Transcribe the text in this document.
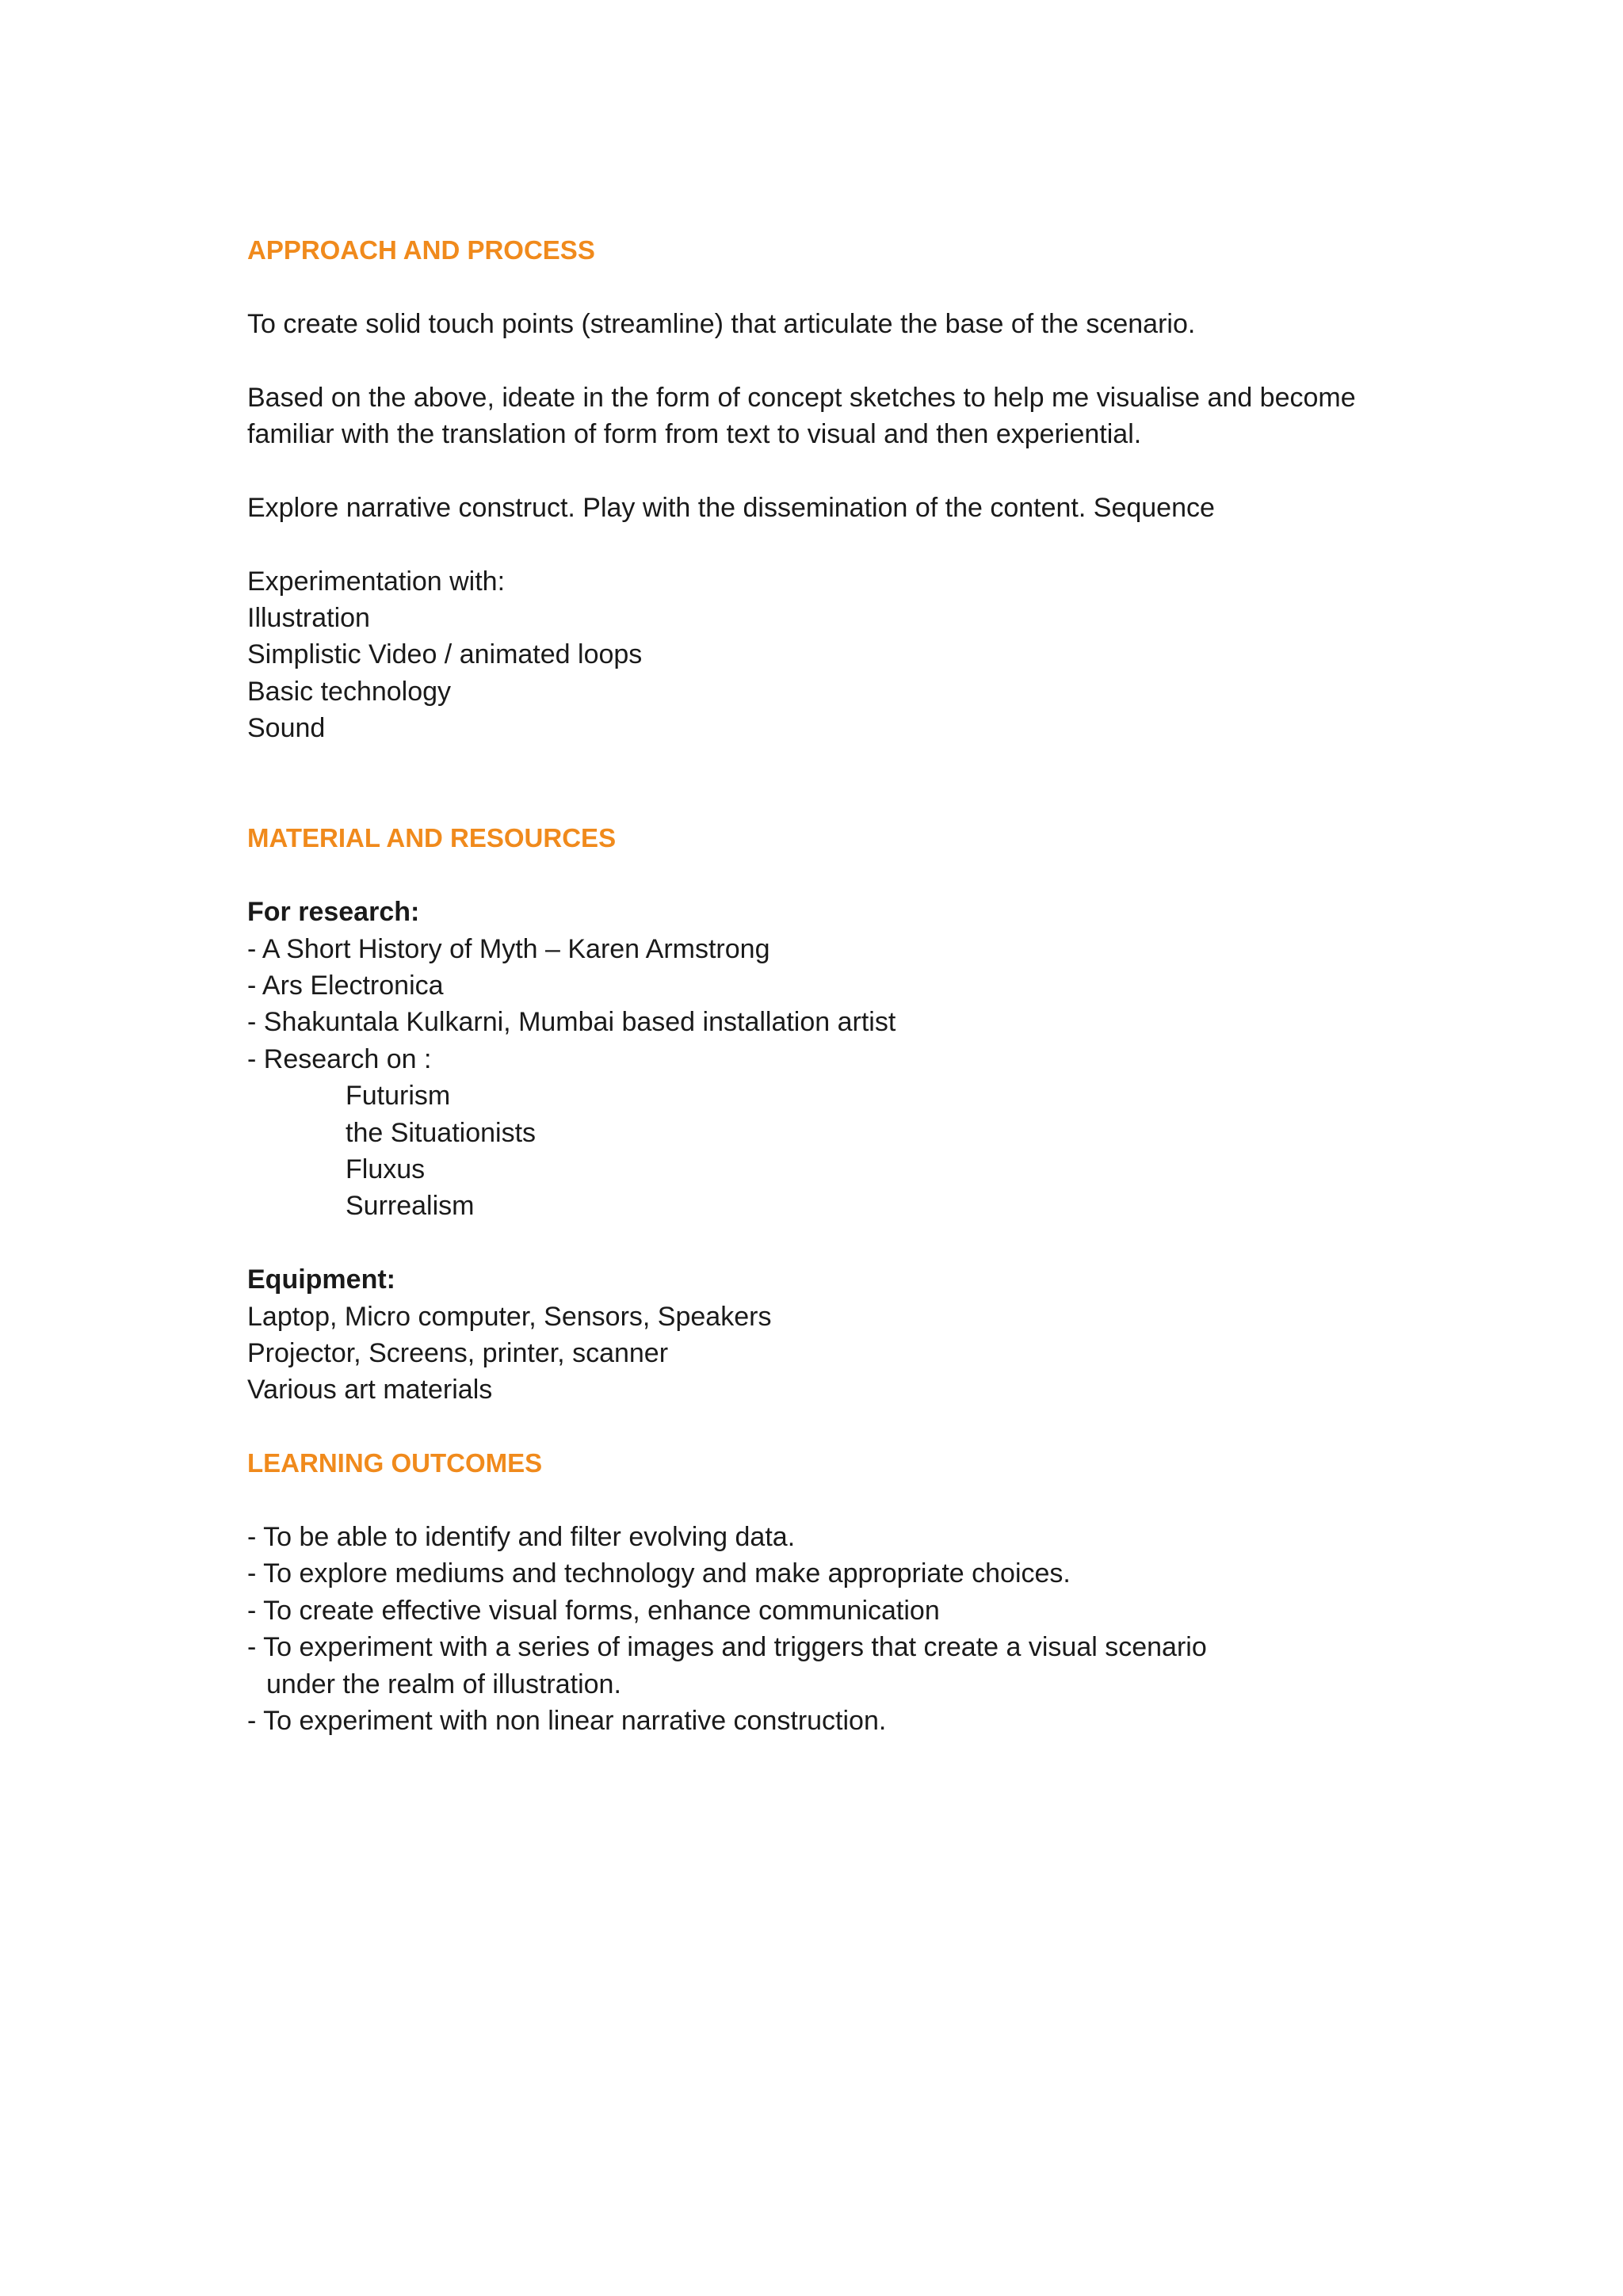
APPROACH AND PROCESS
To create solid touch points (streamline) that articulate the base of the scenario.
Based on the above, ideate in the form of concept sketches to help me visualise and become
familiar with the translation of form from text to visual and then experiential.
Explore narrative construct. Play with the dissemination of the content. Sequence
Experimentation with:
Illustration
Simplistic Video / animated loops
Basic technology
Sound
MATERIAL AND RESOURCES
For research:
- A Short History of Myth – Karen Armstrong
- Ars Electronica
- Shakuntala Kulkarni, Mumbai based installation artist
- Research on :
Futurism
the Situationists
Fluxus
Surrealism
Equipment:
Laptop, Micro computer, Sensors, Speakers
Projector, Screens, printer, scanner
Various art materials
LEARNING OUTCOMES
- To be able to identify and filter evolving data.
- To explore mediums and technology and make appropriate choices.
- To create effective visual forms, enhance communication
- To experiment with a series of images and triggers that create a visual scenario
under the realm of illustration.
- To experiment with non linear narrative construction.
